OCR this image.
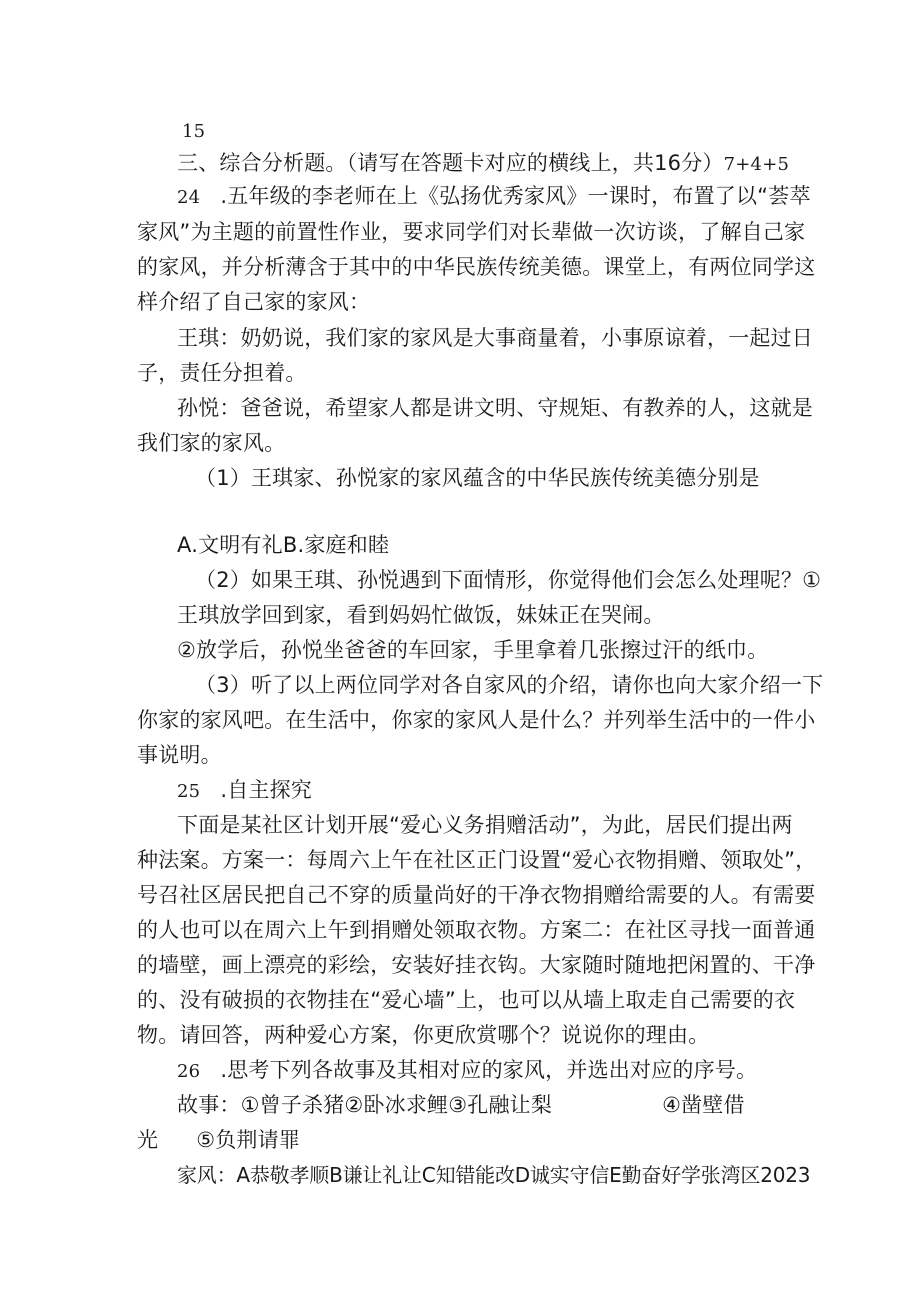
15
三、综合分析题。（请写在答题卡对应的横线上，共16分）7+4+5
24 .五年级的李老师在上《弘扬优秀家风》一课时，布置了以“荟萃
家风”为主题的前置性作业，要求同学们对长辈做一次访谈，了解自己家
的家风，并分析薄含于其中的中华民族传统美德。课堂上，有两位同学这
样介绍了自己家的家风：
王琪：奶奶说，我们家的家风是大事商量着，小事原谅着，一起过日
子，责任分担着。
孙悦：爸爸说，希望家人都是讲文明、守规矩、有教养的人，这就是
我们家的家风。
（1）王琪家、孙悦家的家风蕴含的中华民族传统美德分别是
A.文明有礼B.家庭和睦
（2）如果王琪、孙悦遇到下面情形，你觉得他们会怎么处理呢？①
王琪放学回到家，看到妈妈忙做饭，妹妹正在哭闹。
②放学后，孙悦坐爸爸的车回家，手里拿着几张擦过汗的纸巾。
（3）听了以上两位同学对各自家风的介绍，请你也向大家介绍一下
你家的家风吧。在生活中，你家的家风人是什么？并列举生活中的一件小
事说明。
25 .自主探究
下面是某社区计划开展“爱心义务捐赠活动”，为此，居民们提出两
种法案。方案一：每周六上午在社区正门设置“爱心衣物捐赠、领取处”，
号召社区居民把自己不穿的质量尚好的干净衣物捐赠给需要的人。有需要
的人也可以在周六上午到捐赠处领取衣物。方案二：在社区寻找一面普通
的墙壁，画上漂亮的彩绘，安装好挂衣钩。大家随时随地把闲置的、干净
的、没有破损的衣物挂在“爱心墙”上，也可以从墙上取走自己需要的衣
物。请回答，两种爱心方案，你更欣赏哪个？说说你的理由。
26 .思考下列各故事及其相对应的家风，并选出对应的序号。
故事：①曾子杀猪②卧冰求鲤③孔融让梨	④凿壁借
光 ⑤负荆请罪
家风：A恭敬孝顺B谦让礼让C知错能改D诚实守信E勤奋好学张湾区2023
